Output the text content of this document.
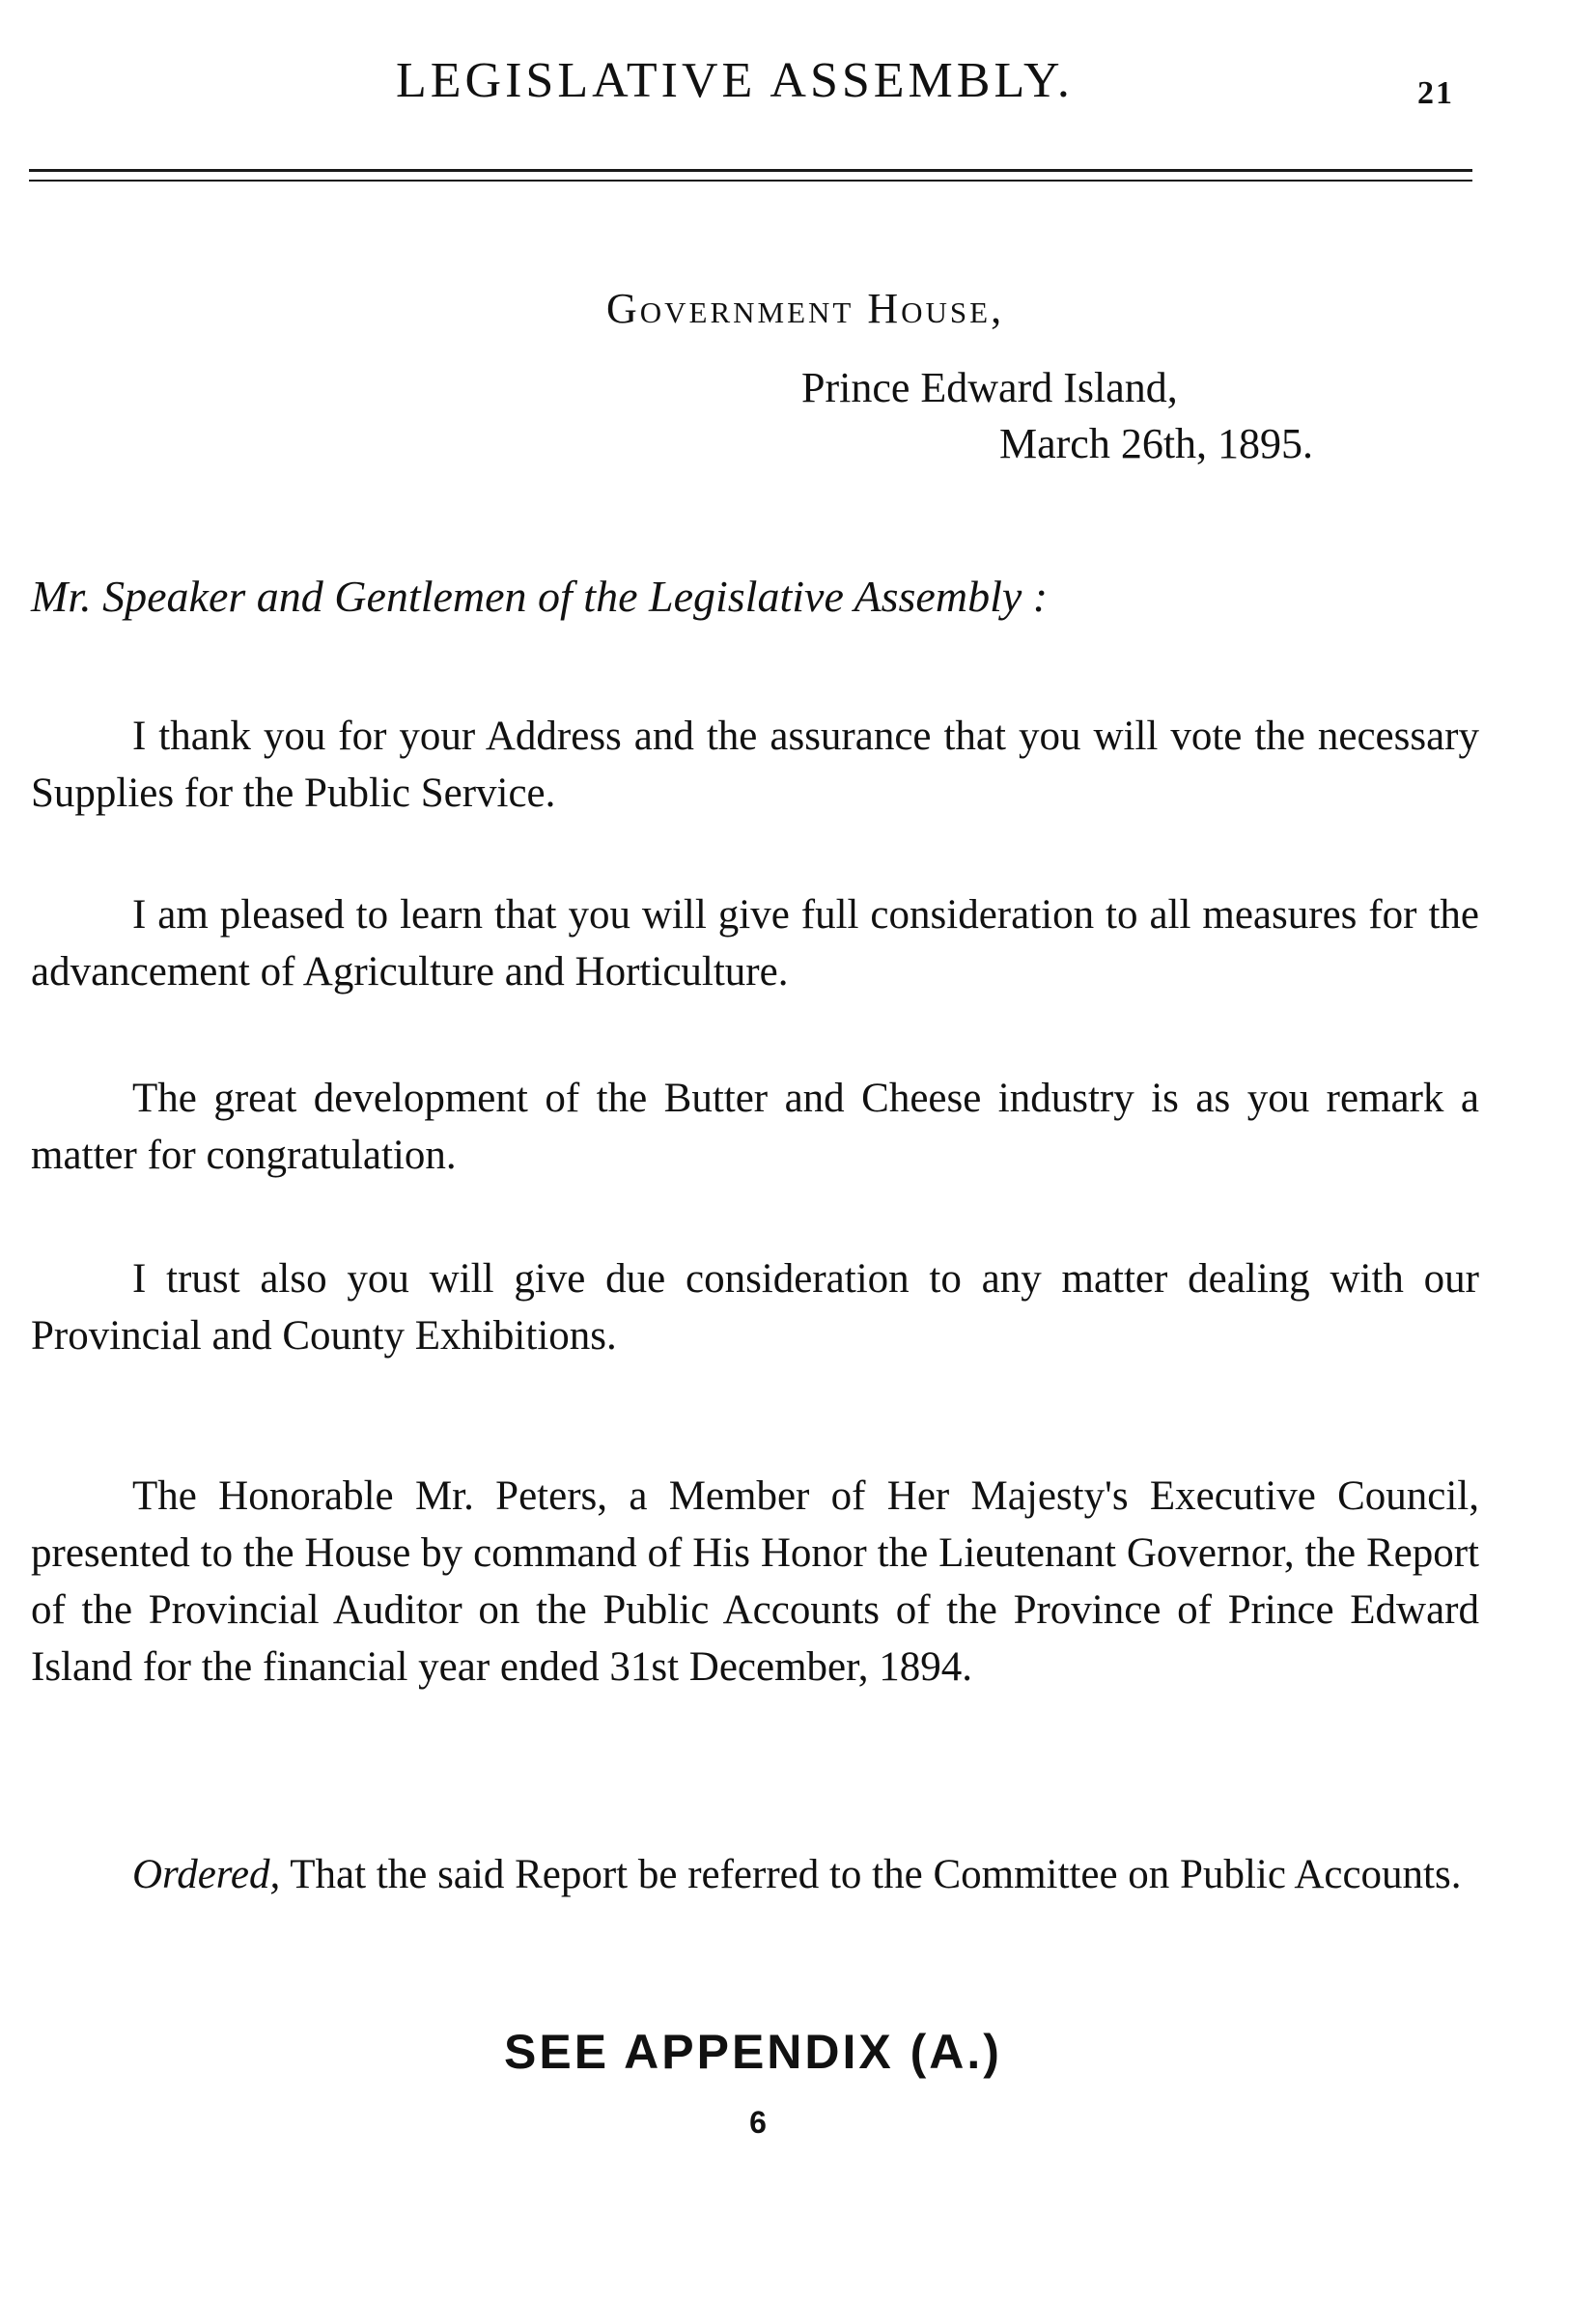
LEGISLATIVE ASSEMBLY.	21
Government House,
Prince Edward Island,
March 26th, 1895.
Mr. Speaker and Gentlemen of the Legislative Assembly :

I thank you for your Address and the assurance that you will vote the necessary Supplies for the Public Service.

I am pleased to learn that you will give full consideration to all measures for the advancement of Agriculture and Horticulture.

The great development of the Butter and Cheese industry is as you remark a matter for congratulation.

I trust also you will give due consideration to any matter dealing with our Provincial and County Exhibitions.

The Honorable Mr. Peters, a Member of Her Majesty's Executive Council, presented to the House by command of His Honor the Lieutenant Governor, the Report of the Provincial Auditor on the Public Accounts of the Province of Prince Edward Island for the financial year ended 31st December, 1894.

Ordered, That the said Report be referred to the Committee on Public Accounts.

SEE APPENDIX (A.)
6
